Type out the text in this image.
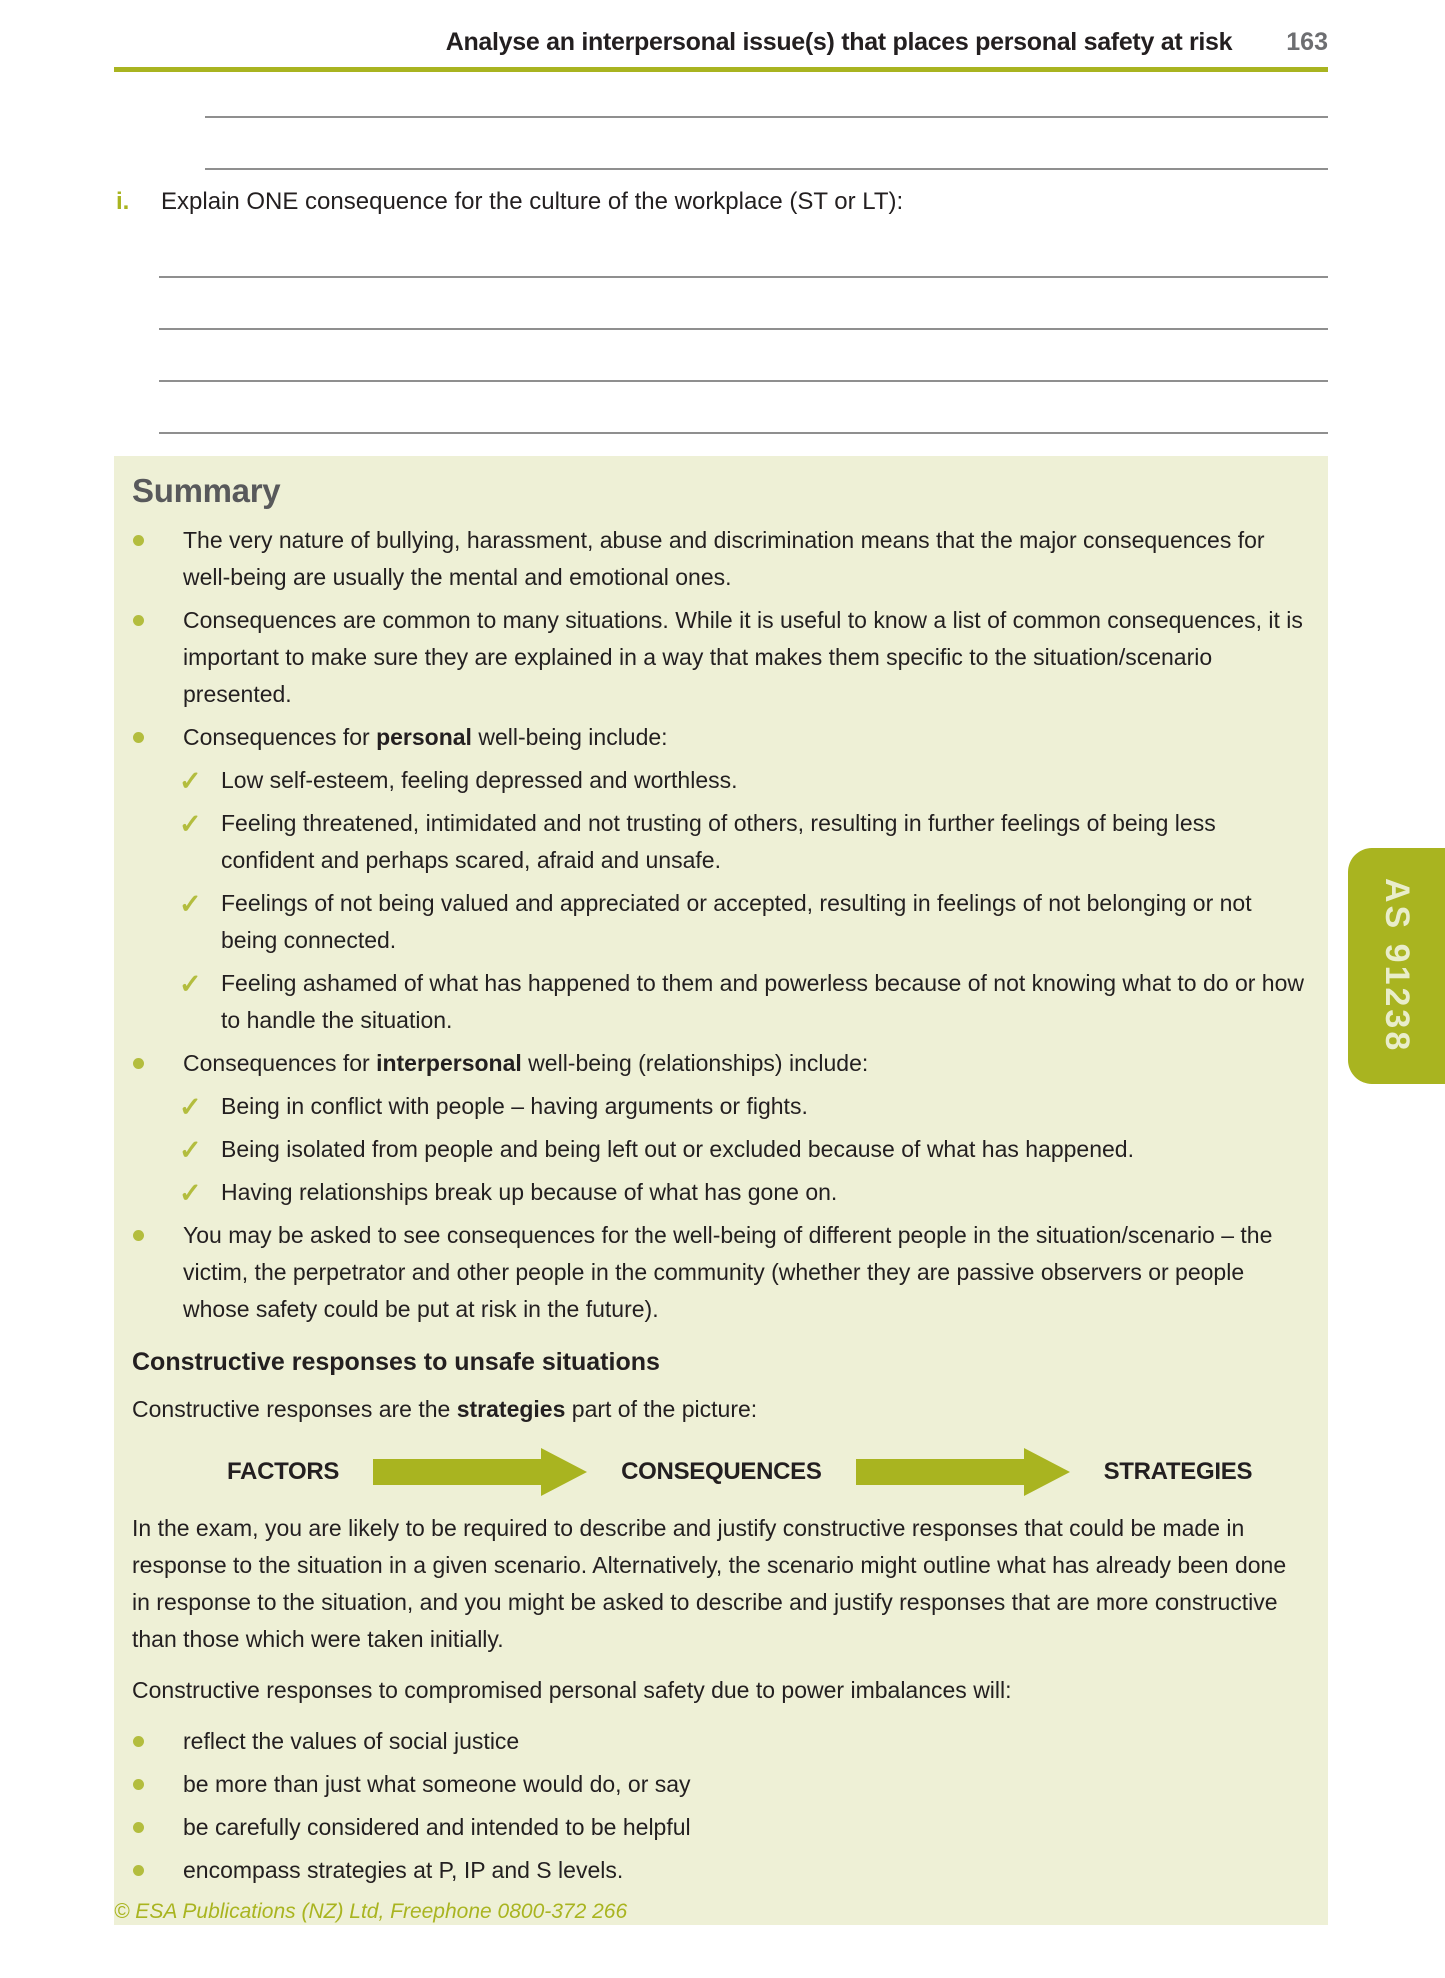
Analyse an interpersonal issue(s) that places personal safety at risk 163
i.	Explain ONE consequence for the culture of the workplace (ST or LT):
Summary
The very nature of bullying, harassment, abuse and discrimination means that the major consequences for well-being are usually the mental and emotional ones.
Consequences are common to many situations. While it is useful to know a list of common consequences, it is important to make sure they are explained in a way that makes them specific to the situation/scenario presented.
Consequences for personal well-being include:
✓ Low self-esteem, feeling depressed and worthless.
✓ Feeling threatened, intimidated and not trusting of others, resulting in further feelings of being less confident and perhaps scared, afraid and unsafe.
✓ Feelings of not being valued and appreciated or accepted, resulting in feelings of not belonging or not being connected.
✓ Feeling ashamed of what has happened to them and powerless because of not knowing what to do or how to handle the situation.
Consequences for interpersonal well-being (relationships) include:
✓ Being in conflict with people – having arguments or fights.
✓ Being isolated from people and being left out or excluded because of what has happened.
✓ Having relationships break up because of what has gone on.
You may be asked to see consequences for the well-being of different people in the situation/scenario – the victim, the perpetrator and other people in the community (whether they are passive observers or people whose safety could be put at risk in the future).
Constructive responses to unsafe situations
Constructive responses are the strategies part of the picture:
FACTORS	CONSEQUENCES	STRATEGIES
In the exam, you are likely to be required to describe and justify constructive responses that could be made in response to the situation in a given scenario. Alternatively, the scenario might outline what has already been done in response to the situation, and you might be asked to describe and justify responses that are more constructive than those which were taken initially.
Constructive responses to compromised personal safety due to power imbalances will:
reflect the values of social justice
be more than just what someone would do, or say
be carefully considered and intended to be helpful
encompass strategies at P, IP and S levels.
AS 91238
© ESA Publications (NZ) Ltd, Freephone 0800-372 266
